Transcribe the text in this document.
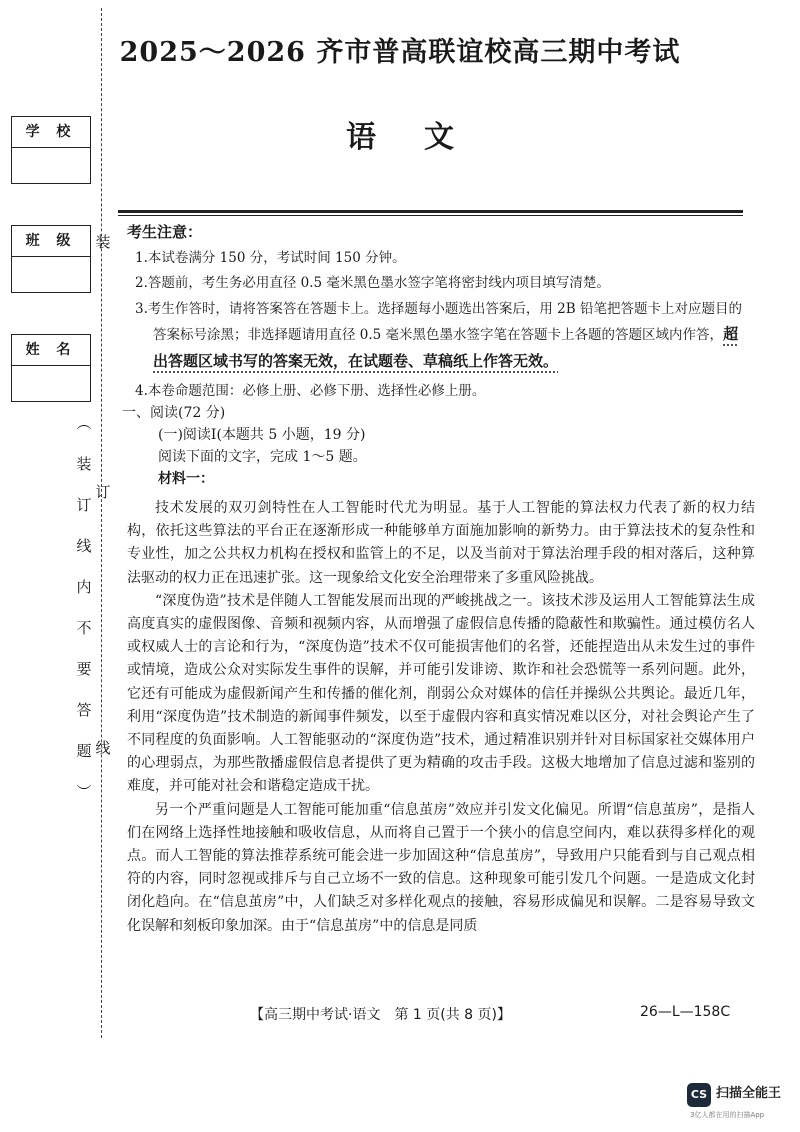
2025～2026 齐市普高联谊校高三期中考试
语文
学 校
班 级
姓 名
装
订
线
︵
装
订
线
内
不
要
答
题
︶
考生注意：
1.本试卷满分 150 分，考试时间 150 分钟。
2.答题前，考生务必用直径 0.5 毫米黑色墨水签字笔将密封线内项目填写清楚。
3.考生作答时，请将答案答在答题卡上。选择题每小题选出答案后，用 2B 铅笔把答题卡上对应题目的答案标号涂黑；非选择题请用直径 0.5 毫米黑色墨水签字笔在答题卡上各题的答题区域内作答，超出答题区域书写的答案无效，在试题卷、草稿纸上作答无效。
4.本卷命题范围：必修上册、必修下册、选择性必修上册。
一、阅读(72 分)
(一)阅读Ⅰ(本题共 5 小题，19 分)
阅读下面的文字，完成 1～5 题。
材料一：

技术发展的双刃剑特性在人工智能时代尤为明显。基于人工智能的算法权力代表了新的权力结构，依托这些算法的平台正在逐渐形成一种能够单方面施加影响的新势力。由于算法技术的复杂性和专业性，加之公共权力机构在授权和监管上的不足，以及当前对于算法治理手段的相对落后，这种算法驱动的权力正在迅速扩张。这一现象给文化安全治理带来了多重风险挑战。

“深度伪造”技术是伴随人工智能发展而出现的严峻挑战之一。该技术涉及运用人工智能算法生成高度真实的虚假图像、音频和视频内容，从而增强了虚假信息传播的隐蔽性和欺骗性。通过模仿名人或权威人士的言论和行为，“深度伪造”技术不仅可能损害他们的名誉，还能捏造出从未发生过的事件或情境，造成公众对实际发生事件的误解，并可能引发诽谤、欺诈和社会恐慌等一系列问题。此外，它还有可能成为虚假新闻产生和传播的催化剂，削弱公众对媒体的信任并操纵公共舆论。最近几年，利用“深度伪造”技术制造的新闻事件频发，以至于虚假内容和真实情况难以区分，对社会舆论产生了不同程度的负面影响。人工智能驱动的“深度伪造”技术，通过精准识别并针对目标国家社交媒体用户的心理弱点，为那些散播虚假信息者提供了更为精确的攻击手段。这极大地增加了信息过滤和鉴别的难度，并可能对社会和谐稳定造成干扰。

另一个严重问题是人工智能可能加重“信息茧房”效应并引发文化偏见。所谓“信息茧房”，是指人们在网络上选择性地接触和吸收信息，从而将自己置于一个狭小的信息空间内，难以获得多样化的观点。而人工智能的算法推荐系统可能会进一步加固这种“信息茧房”，导致用户只能看到与自己观点相符的内容，同时忽视或排斥与自己立场不一致的信息。这种现象可能引发几个问题。一是造成文化封闭化趋向。在“信息茧房”中，人们缺乏对多样化观点的接触，容易形成偏见和误解。二是容易导致文化误解和刻板印象加深。由于“信息茧房”中的信息是同质

【高三期中考试·语文　第 1 页(共 8 页)】	26—L—158C
CS 扫描全能王
3亿人都在用的扫描App
